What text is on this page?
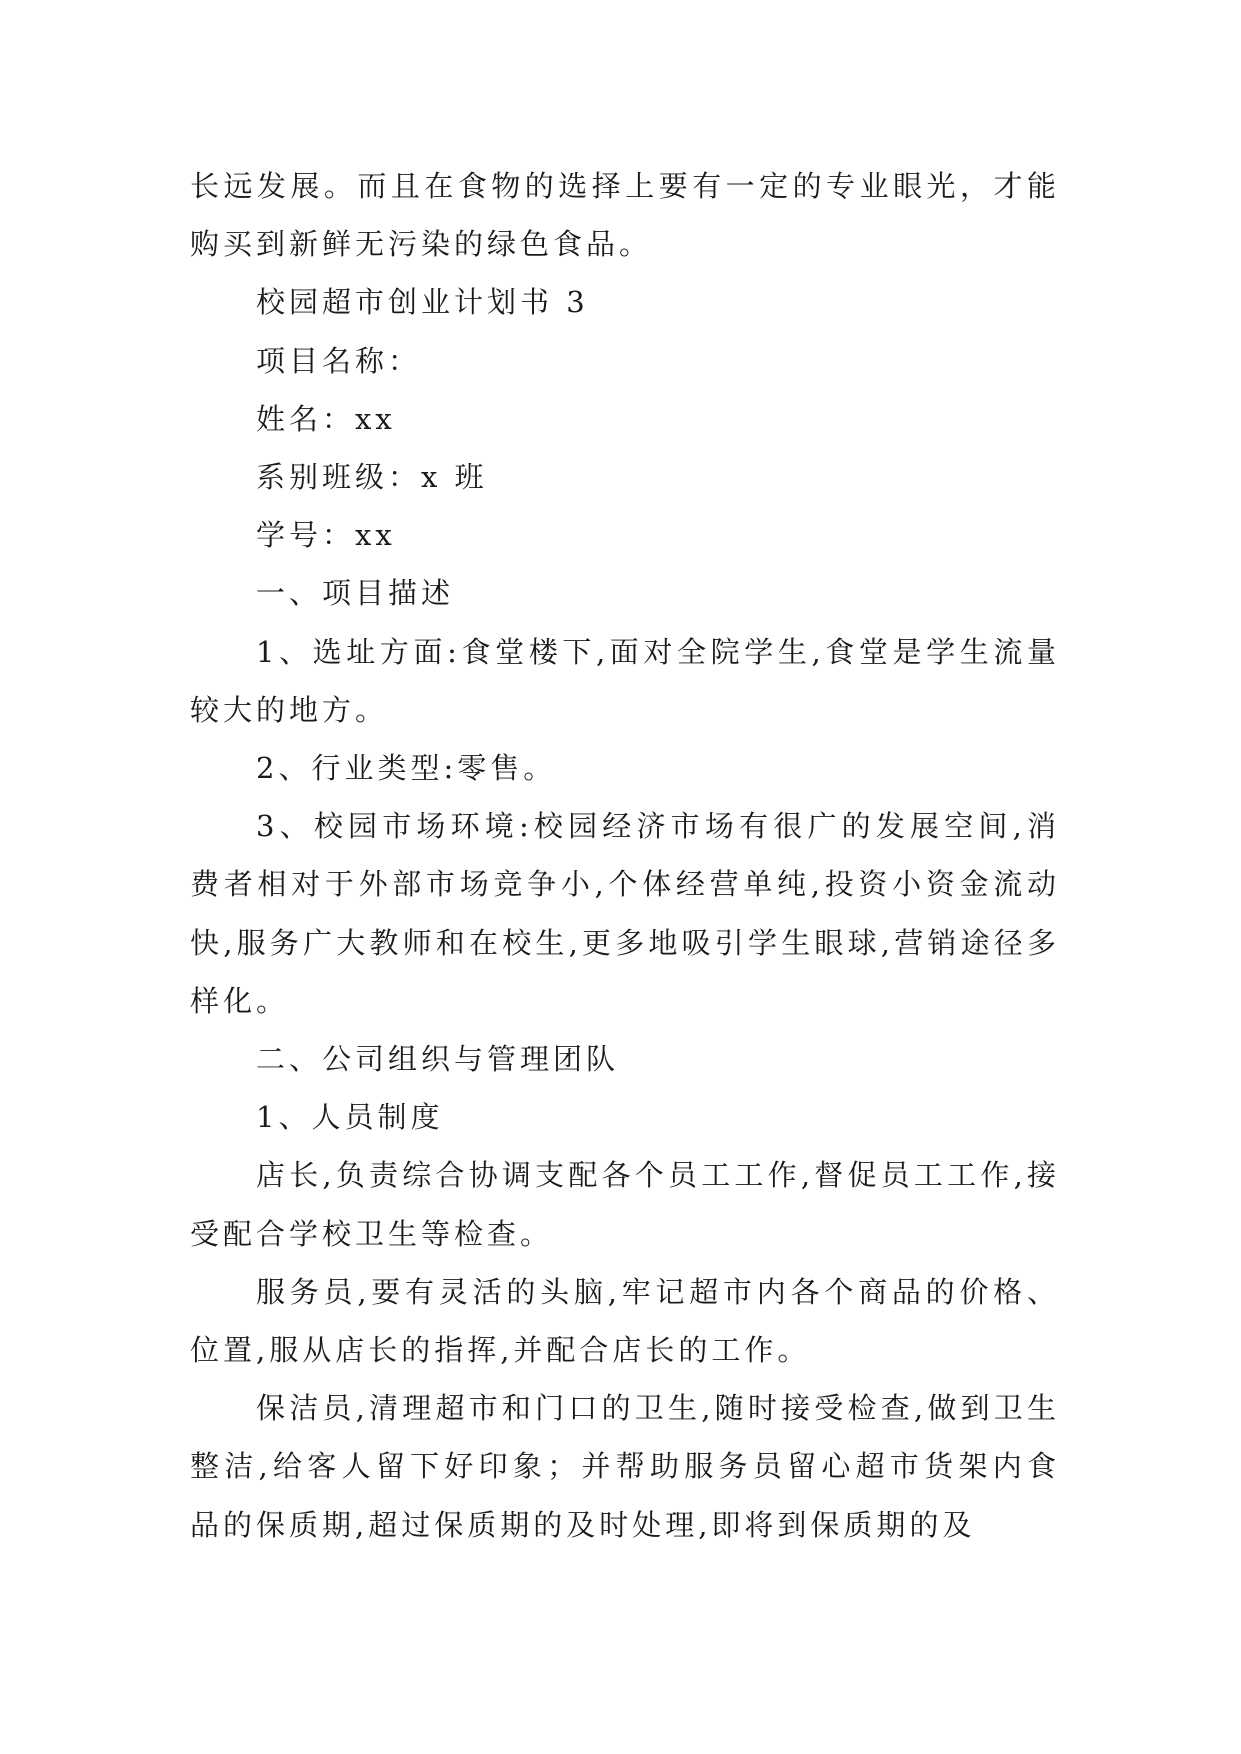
长远发展。而且在食物的选择上要有一定的专业眼光，才能购买到新鲜无污染的绿色食品。

校园超市创业计划书 3

项目名称：

姓名：xx

系别班级：x 班

学号：xx

一、项目描述

1、选址方面:食堂楼下,面对全院学生,食堂是学生流量较大的地方。

2、行业类型:零售。

3、校园市场环境:校园经济市场有很广的发展空间,消费者相对于外部市场竞争小,个体经营单纯,投资小资金流动快,服务广大教师和在校生,更多地吸引学生眼球,营销途径多样化。

二、公司组织与管理团队

1、人员制度

店长,负责综合协调支配各个员工工作,督促员工工作,接受配合学校卫生等检查。

服务员,要有灵活的头脑,牢记超市内各个商品的价格、位置,服从店长的指挥,并配合店长的工作。

保洁员,清理超市和门口的卫生,随时接受检查,做到卫生整洁,给客人留下好印象；并帮助服务员留心超市货架内食品的保质期,超过保质期的及时处理,即将到保质期的及
